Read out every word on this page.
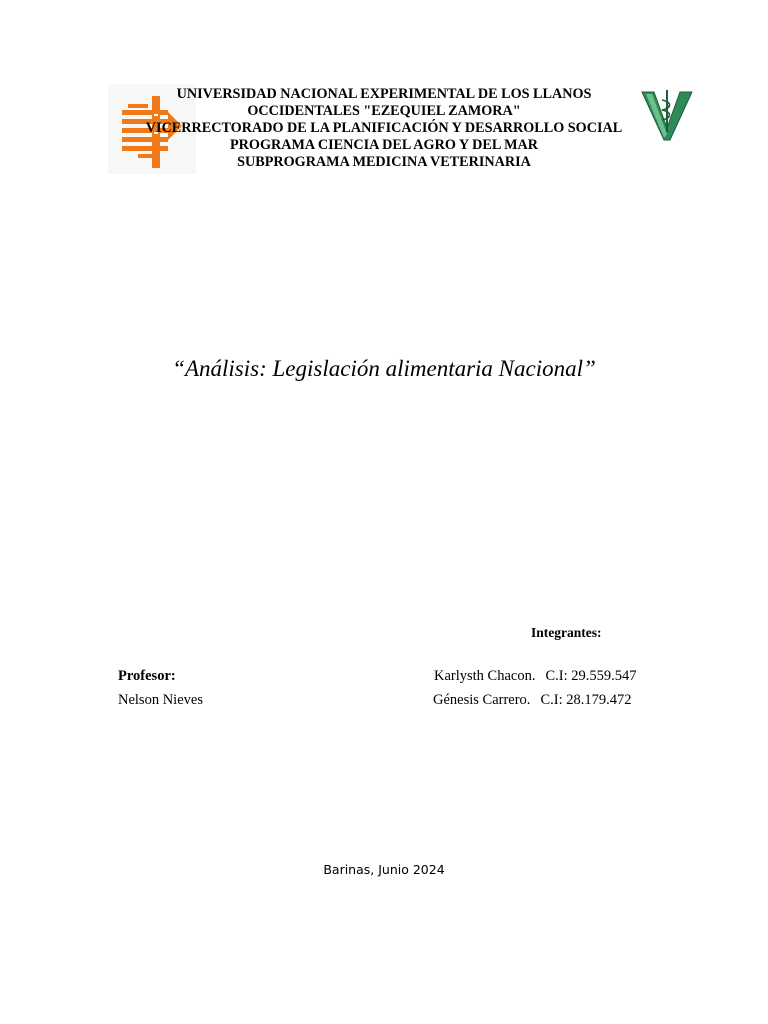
UNIVERSIDAD NACIONAL EXPERIMENTAL DE LOS LLANOS
OCCIDENTALES "EZEQUIEL ZAMORA"
VICERRECTORADO DE LA PLANIFICACIÓN Y DESARROLLO SOCIAL
PROGRAMA CIENCIA DEL AGRO Y DEL MAR
SUBPROGRAMA MEDICINA VETERINARIA
“Análisis: Legislación alimentaria Nacional”
Integrantes:
Karlysth Chacon. C.I: 29.559.547
Génesis Carrero. C.I: 28.179.472
Profesor:
Nelson Nieves
Barinas, Junio 2024
